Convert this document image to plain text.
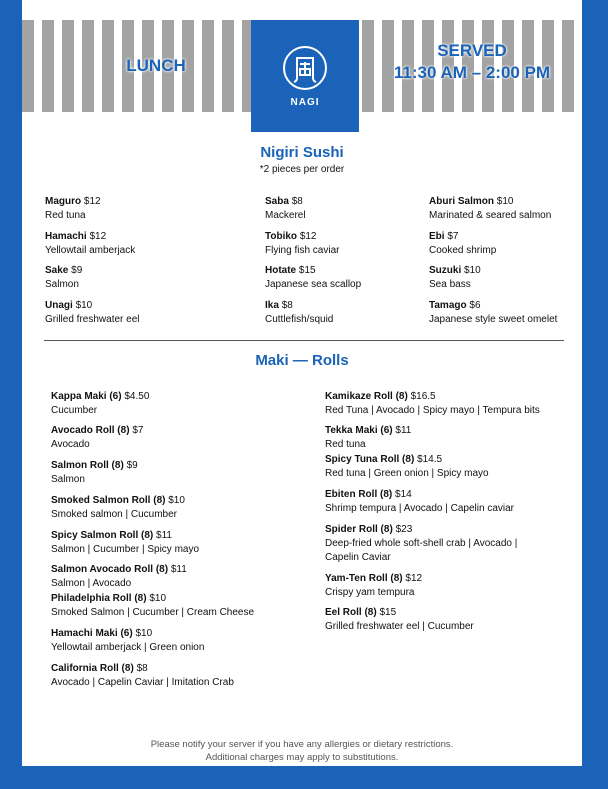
LUNCH
SERVED
11:30 AM – 2:00 PM
NAGI
Nigiri Sushi
*2 pieces per order
Maguro $12
Red tuna
Hamachi $12
Yellowtail amberjack
Sake $9
Salmon
Unagi $10
Grilled freshwater eel
Saba $8
Mackerel
Tobiko $12
Flying fish caviar
Hotate $15
Japanese sea scallop
Ika $8
Cuttlefish/squid
Aburi Salmon $10
Marinated & seared salmon
Ebi $7
Cooked shrimp
Suzuki $10
Sea bass
Tamago $6
Japanese style sweet omelet
Maki — Rolls
Kappa Maki (6) $4.50
Cucumber
Avocado Roll (8) $7
Avocado
Salmon Roll (8) $9
Salmon
Smoked Salmon Roll (8) $10
Smoked salmon | Cucumber
Spicy Salmon Roll (8) $11
Salmon | Cucumber | Spicy mayo
Salmon Avocado Roll (8) $11
Salmon | Avocado
Philadelphia Roll (8) $10
Smoked Salmon | Cucumber | Cream Cheese
Hamachi Maki (6) $10
Yellowtail amberjack | Green onion
California Roll (8) $8
Avocado | Capelin Caviar | Imitation Crab
Kamikaze Roll (8) $16.5
Red Tuna | Avocado | Spicy mayo | Tempura bits
Tekka Maki (6) $11
Red tuna
Spicy Tuna Roll (8) $14.5
Red tuna | Green onion | Spicy mayo
Ebiten Roll (8) $14
Shrimp tempura | Avocado | Capelin caviar
Spider Roll (8) $23
Deep-fried whole soft-shell crab | Avocado |
Capelin Caviar
Yam-Ten Roll (8) $12
Crispy yam tempura
Eel Roll (8) $15
Grilled freshwater eel | Cucumber
Please notify your server if you have any allergies or dietary restrictions.
Additional charges may apply to substitutions.
